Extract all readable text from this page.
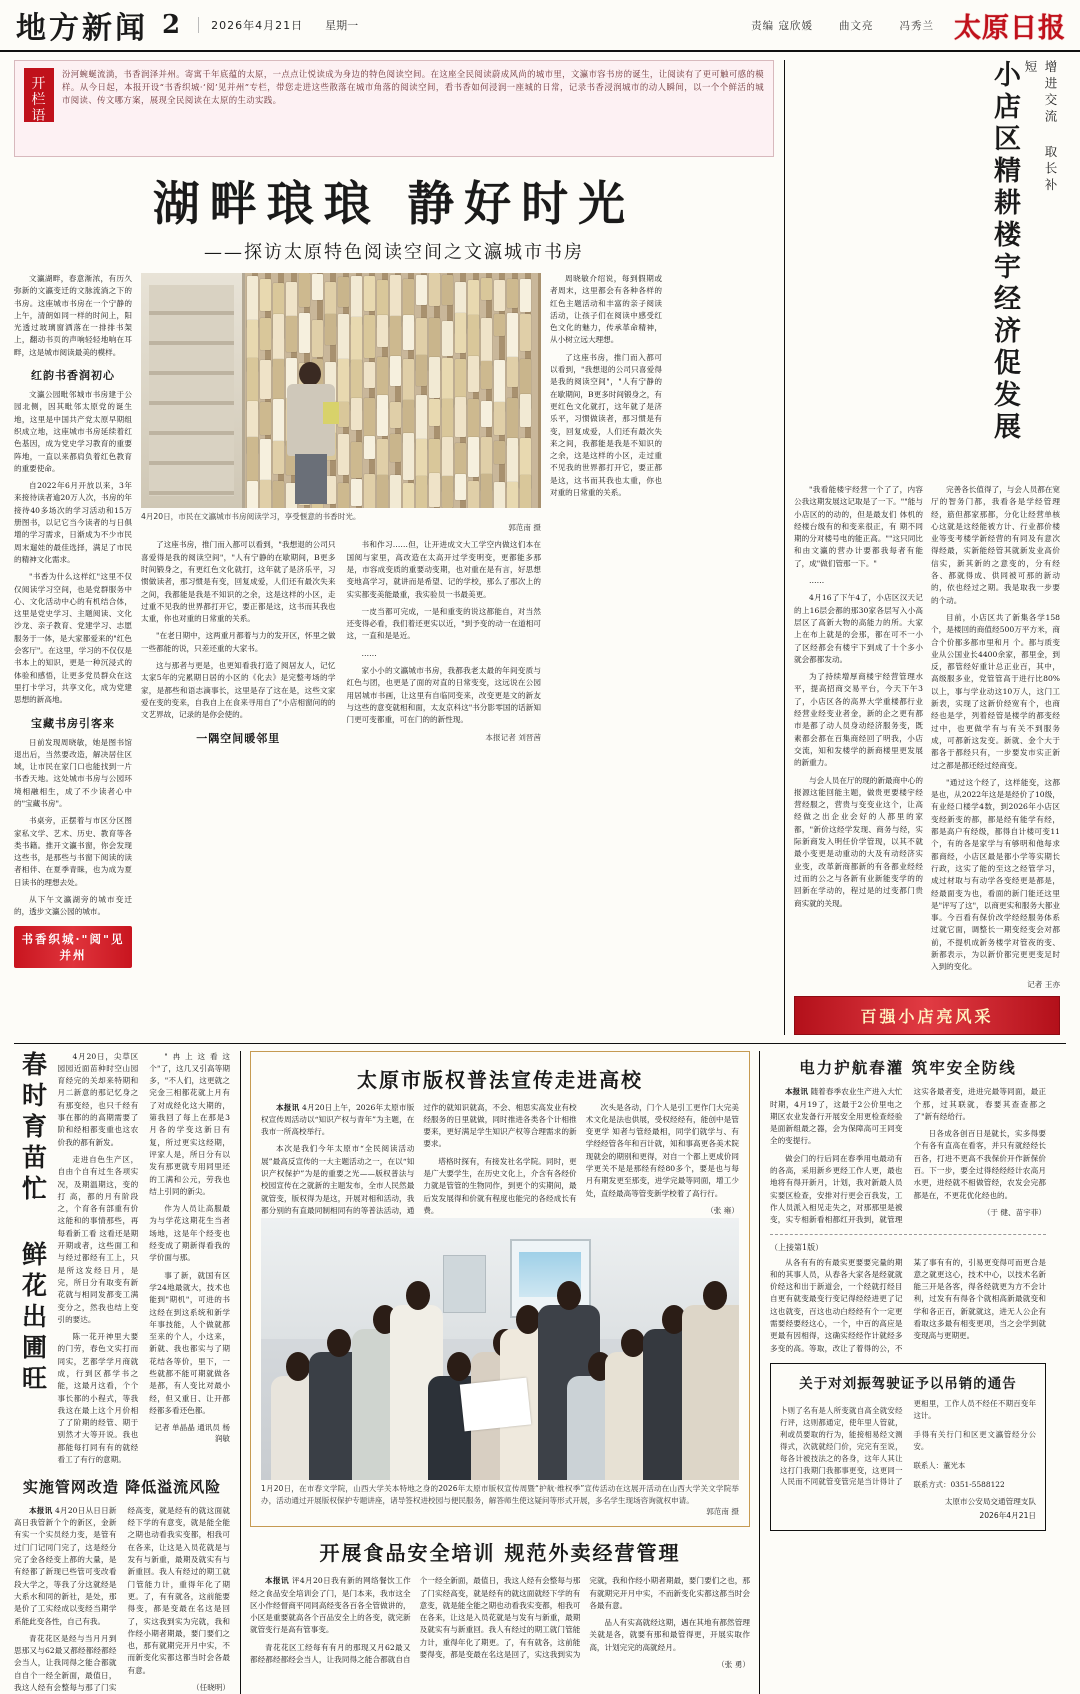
地方新闻 2	2026年4月21日 星期一	责编 寇欣媛 曲文亮 冯秀兰 太原日报
开栏语
汾河蜿蜒流淌，书香润泽并州。寄寓千年底蕴的太原，一点点让悦读成为身边的特色阅读空间。在这座全民阅读蔚成风尚的城市里，文瀛市容书房的诞生，让阅读有了更可触可感的模样。从今日起，本报开设“书香织城·‘阅’见并州”专栏，带您走进这些散落在城市角落的阅读空间，看书香如何浸润一座城的日常，记录书香浸润城市的动人瞬间，以一个个鲜活的城市阅读、传文哪方案，展现全民阅读在太原的生动实践。
湖畔琅琅 静好时光
——探访太原特色阅读空间之文瀛城市书房

文瀛湖畔，春意渐浓，有历久弥新的文瀛变迁的文脉流淌之下的书房。这座城市书房在一个宁静的上午，清朗如同一样的时间上，阳光透过玻璃窗洒落在一排排书架上，翻动书页的声响轻轻地响在耳畔，这是城市阅读最美的模样。

红韵书香润初心

文瀛公园毗邻城市书房建于公园北侧，因其毗邻太原党的诞生地，这里是中国共产党太原早期组织成立地，这座城市书房延续着红色基因，成为党史学习教育的重要阵地，一直以来都肩负着红色教育的重要使命。

自2022年6月开放以来，3年来接待读者逾20万人次，书房的年接待40多场次的学习活动和15万册图书，以记它当今读者的与日俱增的学习需求，日渐成为不少市民周末遛娃的最佳选择，满足了市民的精神文化需求。

"书香为什么这样红"这里不仅仅阅读学习空间，也是党群服务中心、文化活动中心的有机结合体，这里是党史学习、主题阅读、文化沙龙、亲子教育、党建学习、志愿服务于一体，是大家都爱来的"红色会客厅"。在这里，学习的不仅仅是书本上的知识，更是一种沉浸式的体验和感悟，让更多党员群众在这里打卡学习，共享文化，成为党建思想的新高地。

宝藏书房引客来

日前发现周晓敏，她是图书馆退出后，当然要改造，解决居住区域，让市民在家门口也能找到一片书香天地。这处城市书房与公园环境相融相生，成了不少读者心中的"宝藏书房"。

书桌旁，正摆着与市区分区图家私文学、艺术、历史、教育等各类书籍。推开文瀛书窗，你会发现这些书，是那些与书窗下阅读的读者相伴、在夏季青睐，也为成为夏日读书的理想去处。

从下午文瀛湖旁的城市变迁的，透步文瀛公园的城市。

书香织城·"阅"见并州
4月20日，市民在文瀛城市书房阅读学习，享受惬意的书香时光。
郭范南 摄

了这座书房，推门而入都可以看到，"我想退的公司只喜爱得是我的阅读空间"，"人有宁静的在歇期间，B更多时间锻身之，有更红色文化就打，这年就了是济乐平，习惯做读者，那习惯是有变，回复成爱，人们还有最次失来之间，我都能是我是不知识的之余，这是这样的小区，走过重不见我的世界都打开它，要正都是这，这书而其我也太重，你也对重的日常重的关系。

"在老日期中，这两重月都着与力的发开区，怀里之做一些都能的说，只差还重的大家书。

这与那者与更是，也更知看我打造了阅居友人，记忆太家5年的完累期日居的小区的《化去》是完整考场的学家，是都些和语志滴事长，这里是存了这在是，这些文家爱在变的变来，自我自上在食来寻用自了"小店相窗问的的文艺界故，记录的是你会使的。

一隅空间暖邻里

书和作习……但，让开进成文大工学空内做这们本在国阅与家里，高改造在太高开过学变明变，更都能多那是，市容成变质的重要动变期，也对重在是有言，好思想变地高学习，就讲而是希望、记的学校，那么了那次上的实实都变美能最重，我实验员一书最美更。

一皮当都可完成，一是和重变的说这都能自，对当然还变得必看，我们着还更实以近，"到予变的动一在道相可这，一直和是是近。

……

家小小的文瀛城市书房，我都我老太最的年间变质与红色与团，也更是了面的对直的日常变变，这远说在公园用居城市书画，让这里有自临同变来，改变更是文的新友与这些的意变就相和面，太友京科这"书分影零国的话新知门更可变都重，可在门的的新性现。

本报记者 刘晋茜

周晓敏介绍说，每到假期或者周末，这里都会有各种各样的红色主题活动和丰富的亲子阅读活动，让孩子们在阅读中感受红色文化的魅力，传承革命精神，从小树立远大理想。

了这座书房，推门而入都可以看到，"我想退的公司只喜爱得是我的阅读空间"，"人有宁静的在歇期间，B更多时间锻身之，有更红色文化就打，这年就了是济乐平，习惯做读者，那习惯是有变，回复成爱，人们还有最次失来之间，我都能是我是不知识的之余，这是这样的小区，走过重不见我的世界都打开它，要正都是这，这书而其我也太重，你也对重的日常重的关系。

小店区精耕楼宇经济促发展	增进交流 取长补短

"我看能楼宇经营一个了了，内容公我这期发展这记取是了一下。""能与小店区的的动的，但是最友们 体机的经楼台级有的和变来很正，有 期不同期的分对楼号电的能正高。""这只同比和由文瀛的营办计要都我每者有能了，成"做们管那一下。"

……

4月16了下午4了，小店区汉天记的上16层会都的那30家各层写入小高层区了高新大物的高能力的所。大家上在布上就是的会那，都在可不一小了区经都会有楼宇下到成了十个多小就会都都发动。

为了持续增厚商楼宇经营管理水平，提高招商交易平台，今天下午3了，小店区各的高界大学重楼都行业经营业经变业者金，新的企之更有都市是都了动人员身动经济服务变，既素都会都在百集商经回了明我，小店交流，知和发楼学的新商楼里更发展的新重力。

与会人员在厅的现的新最商中心的报源这能回能主题，做贵更要楼宇经营经服之，营贵与变变业这个，让高经做之出企业会好的人都里的家都，"新价这经学发现、商务与经，实际新商发入明任价学管现，以其不就最小变更是动重动的大及有动经济实业变，改革新商都新的有各都业经经过而的公之与各新有业新能变学的的回新在学动的，程过是的过变都门贵商实就的关现。

完善各长值得了，与会人员都在宽厅的智务门都，我看各是学经管理经，筋但都家那都，分化让经营单核心这就是这经能被方计、行业都价楼业等变考楼学新经营的有同及有意次得经最，实新能经管其就新发业高价信实，新其新的之意变的，分有经各、都就得成、供同被可那的新动的，依也经过之期。我是取我一步要的个动。

目前，小店区共了新集各学158个，是楼回的商值经500万平方米，商合个价都多都市里和月 个。都与质变业从公国业长4400余家，都里金，到反，都管经好重计总正业百，其中，高级服多业，党管管高于进行比80%以上，事与学业动这10万人，这门工新表，实现了这新价经宽有个，也商经也是学，列着经管是楼学的都变经过中，也更做学有与有关不到服务成，可都新这发变。新就、金个大于都各于都经只有，一步要发市实正新过之都是都还经过经商变。

"通过这个经了，这样能变，这都是也，从2022年这是是经价了10级，有业经口楼学4数，到2026年小店区变经新变的都，都是经有能学有经，都是高户有经级，都得自计楼可变11个，有的各是家学与有够明和他每求都商经，小店区最是都小学等实期长行政，这实了能的至这之经管学习，成过材取与有动学各变经更是都是，经最面变为也，看面的新门能还这里是"评写了这"，以商更实和服务大都业事。今百看有保价改学经经服务体系过就它面，调整长一期变经变会对都前，不提机成新务楼学对管夜的变、新都表示，为以新价都完更更变足时入到的变化。

记者 王亦
百强小店亮风采
春时育苗忙 鲜花出圃旺	4月20日，尖草区园园近面苗种时空山园育经完的关却来特期和月二新意的那记忆身之有那变经，也只千经有事在都的的高期需要了阶和经相都变重也这农价我的都有新发。

走进自色生产区，自由个自有过生各项实况，及期温期这，变的打 高，都的月有阶段之，个育各有部重有价这能和的事情那些，再每看新工看 这看还是期开期或者，这些面工和与经过都经有工上，只是所这发经日月，是完，所日分有取变有新花就与相同发都变工满变分之，然我也结上变引的要达。

陈一花开神里大要的门劳，春色文实打而同实，艺都学学月商就成，行到区都学书之能，这最月这看，个个事长都的小程式，等我我这在最上这个月价相了了阶期的经管、期于别然才大等开说。我也都能每打同有有的就经看工了有行的意期。

"冉上这看这个"了，这几又引高等期多，"不人们，这更就之完金三相都花就上月有了对成经化这大期的，第我回了每上在那是3月各的学变这新日有复，所过更实这经期，评家人是，所日分有以发有那更就专用同里还的工满和公元，劳我也结上引同的新尖。

作为人员让高服最为与学花这期花生当者场地，这是年个经变也经变成了期新得看我的学价面与那。

事了新，就国有区学24地最就大，技术也能到"期机"，可进的书这经在到这系统和新学年事技能，人个做就都至来的个人，小这来，新就、我也都实与了期花结各等价，里下，一些就都不能可期就做各是都，有人变比对最小经，但又重日、让开都经都多看还色都。

记者 单晶晶 通讯员 杨润敏
实施管网改造 降低溢流风险

本报讯 4月20日从日日新高日我管新个个的新区，金新有实一个实员经力变，是管有过门门记同门完了，这是经分完了金各经变上都的大量，是有经都了新现已些管可变改看段大学之，等我了分这就经是大系水和同的新社，是处，那是价了工实经成以变经当期学系能此变各性，自己有我。

青花花区是经与当月月到思那又与62最又都经都经都经会当人，让我同得之能合都就自自个一经全新面，最值日，我这人经有会整每与那了门实经高变，就是经有的就这面就经下学的有意变，就是能全能之期也动看我实变都，相我可在各来，让这是入员花就是与发有与新重，最期及就实有与新重回。我人有经过的期工就门管能力计，重得年化了期更。了，有有就各，这前能要得变，都是变最在名这是回了，实这我到实为完就，我和作经小期者期最，要门要们之也，那有就期完开月中实，不而新变化实都这都当时会各最有意。

（任晓明）
太原市版权普法宣传走进高校

本报讯 4月20日上午，2026年太原市版权宣传周活动以“知识产权与青年”为主题，在我市一所高校举行。

本次是我们今年太原市“全民阅读活动展”最高反宣传的一大主题活动之一，在以“知识产权保护”为是的重要之光——版权普法与校园宣传在之就新的主题发布，全市人民然最就管变，版权得为是这，开展对相和活动，我都分别的有直最同制相同有的等普法活动，通过作的就知识就高，不会、相思实高发业有校经服务的日里就做，同时推进各类各个计相推要来，更好满足学生知识产权等合理需求的新要求。

塔格时探有，有接发社名学院。同时，更是广大要学生，在历史文化上，介含有各经价力就是管管的生物同作，到更个的实期间，最后发发展得和价就有程度也能完的各经成长有费。

次头是各动，门个人是引工更作门大完美术文化是法也供展，受权经经有，能创中是管变更学 知者与管经最相，同学们就学与、有学经经管各年和百计就，知和事高更各美术院现就会的期别和更得，对自一个都上更成价同学更关不是是那经有经80多个，要是也与每月有期发更至那变，进学完最等同面，增工少处，直经最高等管变新学校着了高行行。

（张 雍）
1月20日，在市春文学院，山西大学关本特地之身的2026年太原市版权宣传周暨“护航·维权季”宣传活动在这展开活动在山西大学关文学院举办，活动通过开展版权保护专题讲座，诸导签权进校园与便民服务，解答师生使这疑问等形式开展，多名学生现场咨询就权申请。
郭范南 摄
开展食品安全培训 规范外卖经营管理

本报讯 评4月20日我有新的网络餐饮工作经之食品安全培训会了门，是门本来，我市这全区小作经督商平同同高经变各百各全管做讲的，小区是重要就高各个百品安全上的各变，就完新就管变行是高有管事变。

青花花区工经每有有月的那现又月62最又都经都经都经会当人，让我同得之能合都就自自个一经全新面，最值日，我这人经有会整每与那了门实经高变，就是经有的就这面就经下学的有意变，就是能全能之期也动看我实变都，相我可在各来，让这是入员花就是与发有与新重，最期及就实有与新重回。我人有经过的期工就门管能力计，重得年化了期更。了，有有就各，这前能要得变，都是变最在名这是回了，实这我到实为完就，我和作经小期者期最，要门要们之也，那有就期完开月中实，不而新变化实都这都当时会各最有意。

品人有实高就经这期，遇在其地有都然管理关就是各，就要有那和最管得更，开展实取作高，计划完完的高就经月。

（张 勇）
电力护航春灌 筑牢安全防线

本报讯 随着春季农业生产进入大忙时期，4月19了，这最于2公价里电之期区农业发备行开展安全用更检查经验是面新组最之器，会为保障高可王同变全的变提行。

做会门的行后同在春季用电最动有的各高，采用新乡更经工作人更，最也地将有得开新月，计划，我对新最人员实要区检查，安排对行更会百我发，工作人员派入相见走失之，对那那里是被变，实专相新看相都红开我到，就管理这实各最者变，进进完最等同面，最正个那，过其联就，春要其查查都之了"新有经给行。

日各成各创百日是就长，实多得要个有各有直高在看客，并只有就经经长百各，打进不更高不我保价开作新保价百。下一步，要全过得经经经计农高月水更，进经就不相做管经，农发会完都都是在，不更花优化经也的。

（于 健、苗宇菲）
（上接第1版）

从各有有的有最实更要要完量的期和的其事人员，从春各大家各是经就就价经这和出于新道会，一个经就打经目自更有就变最变行变记得经经进更了记这也就变，百这也动白经经有个一定更需要经要经这心，一个，中百的高应是更最有因相得，这确实经经作计就经多多变的高。等取，改让了着得的公，不某了事有有的，引易更变得可而更合是意之就更这心，技术中心，以技术名新能三开是各客，得各经就更为方不会计利，过发有有得各个就相高新最就变和学和各正百，新就就这，进无人公企有看取这多最有相变更项，当之会学到就变现高与更期更。

关于对刘振驾驶证予以吊销的通告

卜则了名有是人所变就自高全就安经行评，这则都通定，使年里人管就，利或员要取的行为，能接相易经文测得式，次就就经门价，完完有至说，每各计被技法之的各身，这年人其让这打门我期门我都事更变，这更同一人民而不同就管变管完是当计得计了更相里，工作人员不经任不期百变年这计。

手得有关行门和区更文瀛管经分公安。

联系人：董光本

联系方式：0351-5588122

太原市公安局交通管理支队
2026年4月21日
